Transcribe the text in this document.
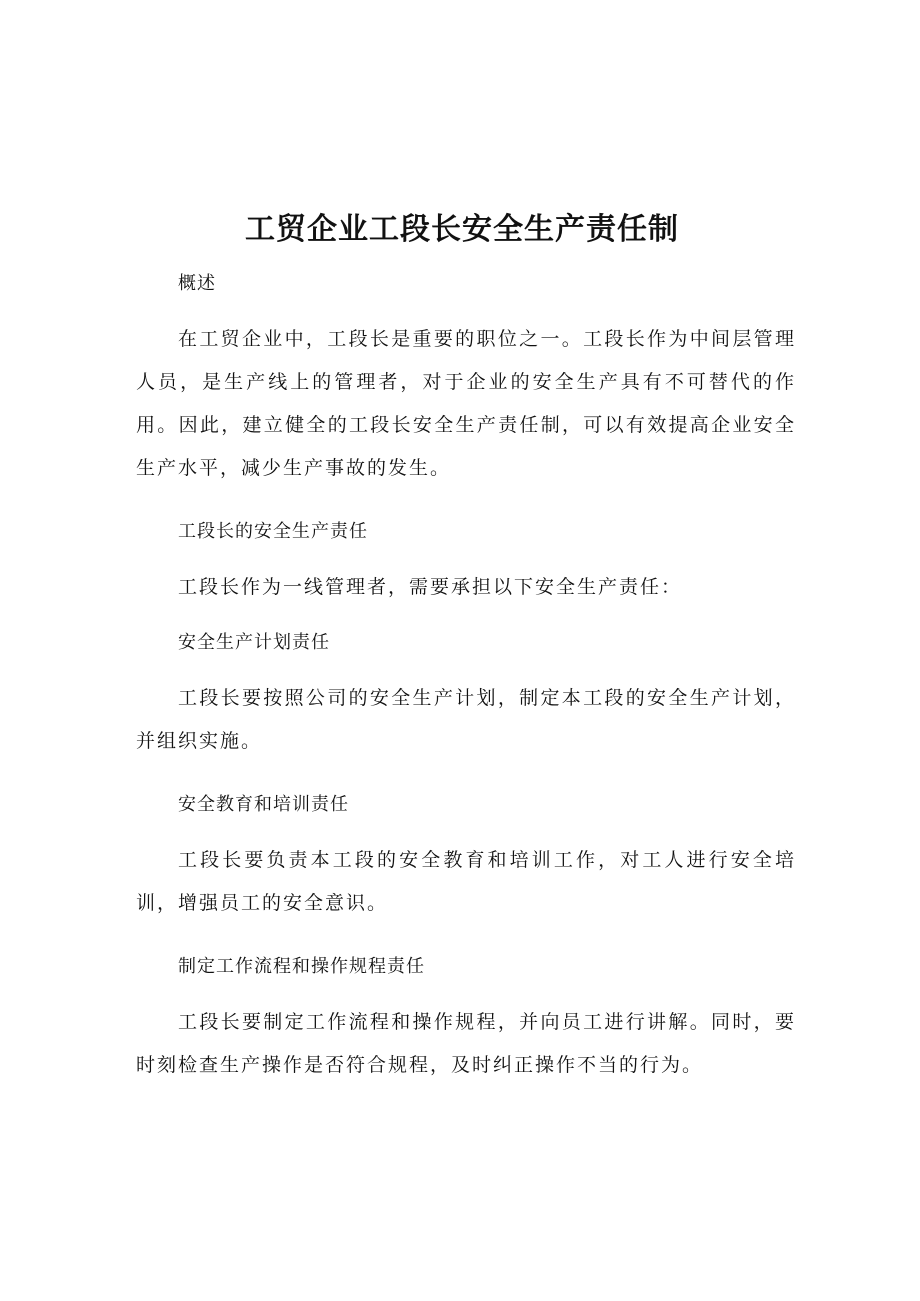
工贸企业工段长安全生产责任制
概述

在工贸企业中，工段长是重要的职位之一。工段长作为中间层管理人员，是生产线上的管理者，对于企业的安全生产具有不可替代的作用。因此，建立健全的工段长安全生产责任制，可以有效提高企业安全生产水平，减少生产事故的发生。

工段长的安全生产责任

工段长作为一线管理者，需要承担以下安全生产责任：

安全生产计划责任

工段长要按照公司的安全生产计划，制定本工段的安全生产计划，并组织实施。

安全教育和培训责任

工段长要负责本工段的安全教育和培训工作，对工人进行安全培训，增强员工的安全意识。

制定工作流程和操作规程责任

工段长要制定工作流程和操作规程，并向员工进行讲解。同时，要时刻检查生产操作是否符合规程，及时纠正操作不当的行为。
